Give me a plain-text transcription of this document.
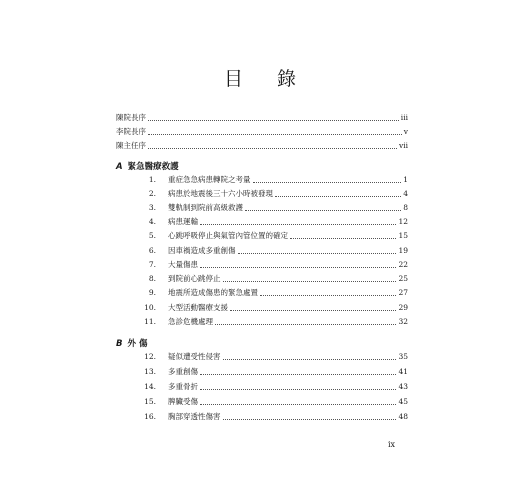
目 錄
陳院長序	iii
李院長序	v
陳主任序	vii
A 緊急醫療救護
1. 重症急急病患轉院之考量	1
2. 病患於地震後三十六小時被發現	4
3. 雙軌制到院前高級救護	8
4. 病患運輸	12
5. 心跳呼吸停止與氣管內管位置的確定	15
6. 因車禍造成多重創傷	19
7. 大量傷患	22
8. 到院前心跳停止	25
9. 地震所造成傷患的緊急處置	27
10. 大型活動醫療支援	29
11. 急診危機處理	32
B 外 傷
12. 疑似遭受性侵害	35
13. 多重創傷	41
14. 多重骨折	43
15. 脾臟受傷	45
16. 胸部穿透性傷害	48
ix
